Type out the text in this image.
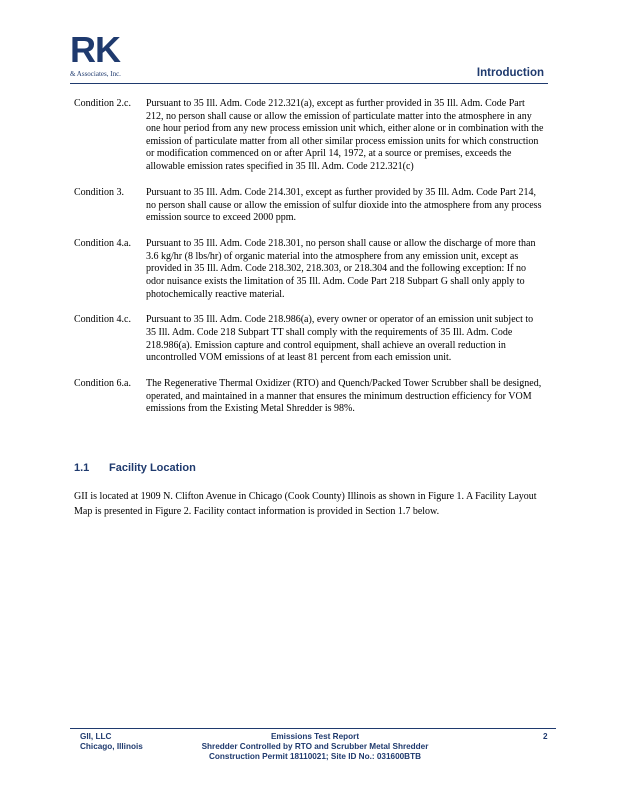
RK
& Associates, Inc.	Introduction
Condition 2.c.	Pursuant to 35 Ill. Adm. Code 212.321(a), except as further provided in 35 Ill. Adm. Code Part 212, no person shall cause or allow the emission of particulate matter into the atmosphere in any one hour period from any new process emission unit which, either alone or in combination with the emission of particulate matter from all other similar process emission units for which construction or modification commenced on or after April 14, 1972, at a source or premises, exceeds the allowable emission rates specified in 35 Ill. Adm. Code 212.321(c)
Condition 3.	Pursuant to 35 Ill. Adm. Code 214.301, except as further provided by 35 Ill. Adm. Code Part 214, no person shall cause or allow the emission of sulfur dioxide into the atmosphere from any process emission source to exceed 2000 ppm.
Condition 4.a.	Pursuant to 35 Ill. Adm. Code 218.301, no person shall cause or allow the discharge of more than 3.6 kg/hr (8 lbs/hr) of organic material into the atmosphere from any emission unit, except as provided in 35 Ill. Adm. Code 218.302, 218.303, or 218.304 and the following exception: If no odor nuisance exists the limitation of 35 Ill. Adm. Code Part 218 Subpart G shall only apply to photochemically reactive material.
Condition 4.c.	Pursuant to 35 Ill. Adm. Code 218.986(a), every owner or operator of an emission unit subject to 35 Ill. Adm. Code 218 Subpart TT shall comply with the requirements of 35 Ill. Adm. Code 218.986(a). Emission capture and control equipment, shall achieve an overall reduction in uncontrolled VOM emissions of at least 81 percent from each emission unit.
Condition 6.a.	The Regenerative Thermal Oxidizer (RTO) and Quench/Packed Tower Scrubber shall be designed, operated, and maintained in a manner that ensures the minimum destruction efficiency for VOM emissions from the Existing Metal Shredder is 98%.
1.1	Facility Location
GII is located at 1909 N. Clifton Avenue in Chicago (Cook County) Illinois as shown in Figure 1. A Facility Layout Map is presented in Figure 2. Facility contact information is provided in Section 1.7 below.
GII, LLC
Chicago, Illinois
Emissions Test Report
Shredder Controlled by RTO and Scrubber Metal Shredder
Construction Permit 18110021; Site ID No.: 031600BTB
2
